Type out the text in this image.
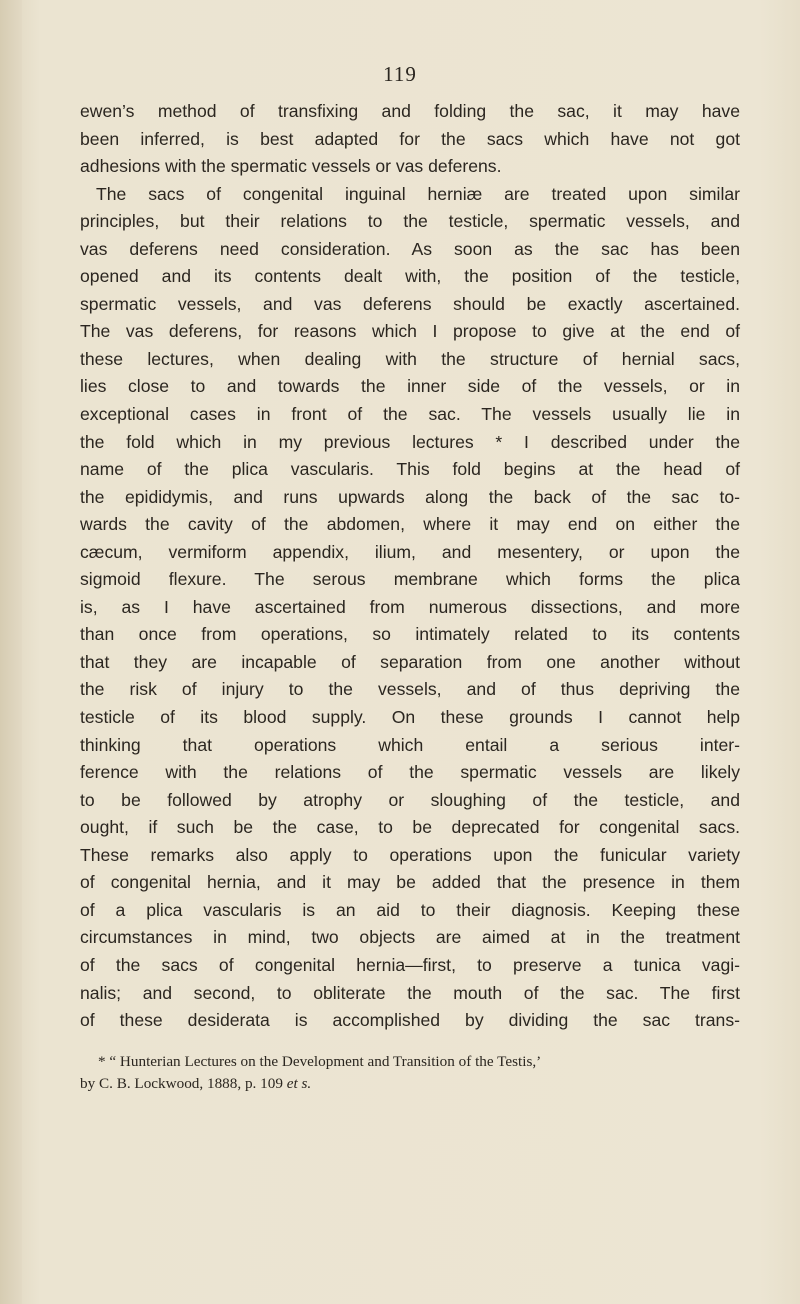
119
ewen’s method of transfixing and folding the sac, it may have
been inferred, is best adapted for the sacs which have not got
adhesions with the spermatic vessels or vas deferens.
The sacs of congenital inguinal herniæ are treated upon similar
principles, but their relations to the testicle, spermatic vessels, and
vas deferens need consideration. As soon as the sac has been
opened and its contents dealt with, the position of the testicle,
spermatic vessels, and vas deferens should be exactly ascertained.
The vas deferens, for reasons which I propose to give at the end of
these lectures, when dealing with the structure of hernial sacs,
lies close to and towards the inner side of the vessels, or in
exceptional cases in front of the sac. The vessels usually lie in
the fold which in my previous lectures * I described under the
name of the plica vascularis. This fold begins at the head of
the epididymis, and runs upwards along the back of the sac to-
wards the cavity of the abdomen, where it may end on either the
cæcum, vermiform appendix, ilium, and mesentery, or upon the
sigmoid flexure. The serous membrane which forms the plica
is, as I have ascertained from numerous dissections, and more
than once from operations, so intimately related to its contents
that they are incapable of separation from one another without
the risk of injury to the vessels, and of thus depriving the
testicle of its blood supply. On these grounds I cannot help
thinking that operations which entail a serious inter-
ference with the relations of the spermatic vessels are likely
to be followed by atrophy or sloughing of the testicle, and
ought, if such be the case, to be deprecated for congenital sacs.
These remarks also apply to operations upon the funicular variety
of congenital hernia, and it may be added that the presence in them
of a plica vascularis is an aid to their diagnosis. Keeping these
circumstances in mind, two objects are aimed at in the treatment
of the sacs of congenital hernia—first, to preserve a tunica vagi-
nalis; and second, to obliterate the mouth of the sac. The first
of these desiderata is accomplished by dividing the sac trans-
* “ Hunterian Lectures on the Development and Transition of the Testis,’
by C. B. Lockwood, 1888, p. 109 et s.
